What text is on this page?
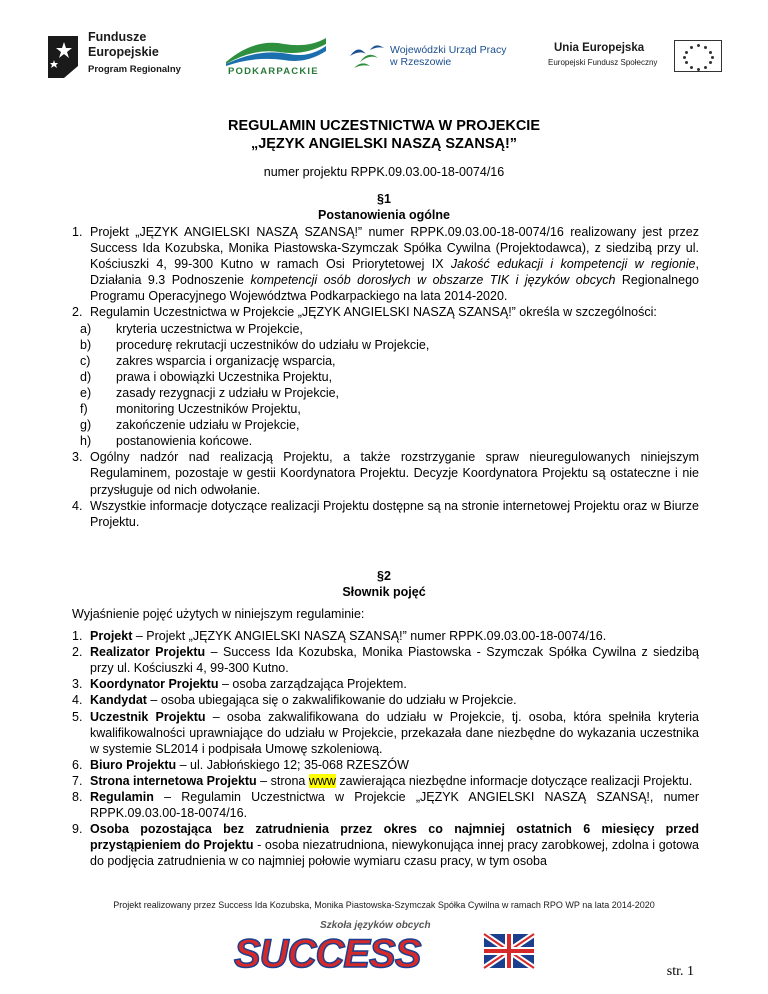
Fundusze
Europejskie
Program Regionalny	PODKARPACKIE
Wojewódzki Urząd Pracy
w Rzeszowie
Unia Europejska
Europejski Fundusz Społeczny
REGULAMIN UCZESTNICTWA W PROJEKCIE
„JĘZYK ANGIELSKI NASZĄ SZANSĄ!”
numer projektu RPPK.09.03.00-18-0074/16
§1
Postanowienia ogólne
1. Projekt „JĘZYK ANGIELSKI NASZĄ SZANSĄ!” numer RPPK.09.03.00-18-0074/16 realizowany jest przez Success Ida Kozubska, Monika Piastowska-Szymczak Spółka Cywilna (Projektodawca), z siedzibą przy ul. Kościuszki 4, 99-300 Kutno w ramach Osi Priorytetowej IX Jakość edukacji i kompetencji w regionie, Działania 9.3 Podnoszenie kompetencji osób dorosłych w obszarze TIK i języków obcych Regionalnego Programu Operacyjnego Województwa Podkarpackiego na lata 2014-2020.
2. Regulamin Uczestnictwa w Projekcie „JĘZYK ANGIELSKI NASZĄ SZANSĄ!” określa w szczególności:
a)	kryteria uczestnictwa w Projekcie,
b)	procedurę rekrutacji uczestników do udziału w Projekcie,
c)	zakres wsparcia i organizację wsparcia,
d)	prawa i obowiązki Uczestnika Projektu,
e)	zasady rezygnacji z udziału w Projekcie,
f)	monitoring Uczestników Projektu,
g)	zakończenie udziału w Projekcie,
h)	postanowienia końcowe.
3. Ogólny nadzór nad realizacją Projektu, a także rozstrzyganie spraw nieuregulowanych niniejszym Regulaminem, pozostaje w gestii Koordynatora Projektu. Decyzje Koordynatora Projektu są ostateczne i nie przysługuje od nich odwołanie.
4. Wszystkie informacje dotyczące realizacji Projektu dostępne są na stronie internetowej Projektu oraz w Biurze Projektu.
§2
Słownik pojęć
Wyjaśnienie pojęć użytych w niniejszym regulaminie:
1. Projekt – Projekt „JĘZYK ANGIELSKI NASZĄ SZANSĄ!” numer RPPK.09.03.00-18-0074/16.
2. Realizator Projektu – Success Ida Kozubska, Monika Piastowska - Szymczak Spółka Cywilna z siedzibą przy ul. Kościuszki 4, 99-300 Kutno.
3. Koordynator Projektu – osoba zarządzająca Projektem.
4. Kandydat – osoba ubiegająca się o zakwalifikowanie do udziału w Projekcie.
5. Uczestnik Projektu – osoba zakwalifikowana do udziału w Projekcie, tj. osoba, która spełniła kryteria kwalifikowalności uprawniające do udziału w Projekcie, przekazała dane niezbędne do wykazania uczestnika w systemie SL2014 i podpisała Umowę szkoleniową.
6. Biuro Projektu – ul. Jabłońskiego 12; 35-068 RZESZÓW
7. Strona internetowa Projektu – strona www zawierająca niezbędne informacje dotyczące realizacji Projektu.
8. Regulamin – Regulamin Uczestnictwa w Projekcie „JĘZYK ANGIELSKI NASZĄ SZANSĄ!, numer RPPK.09.03.00-18-0074/16.
9. Osoba pozostająca bez zatrudnienia przez okres co najmniej ostatnich 6 miesięcy przed przystąpieniem do Projektu - osoba niezatrudniona, niewykonująca innej pracy zarobkowej, zdolna i gotowa do podjęcia zatrudnienia w co najmniej połowie wymiaru czasu pracy, w tym osoba
Projekt realizowany przez Success Ida Kozubska, Monika Piastowska-Szymczak Spółka Cywilna w ramach RPO WP na lata 2014-2020
Szkoła języków obcych
SUCCESS	str. 1
